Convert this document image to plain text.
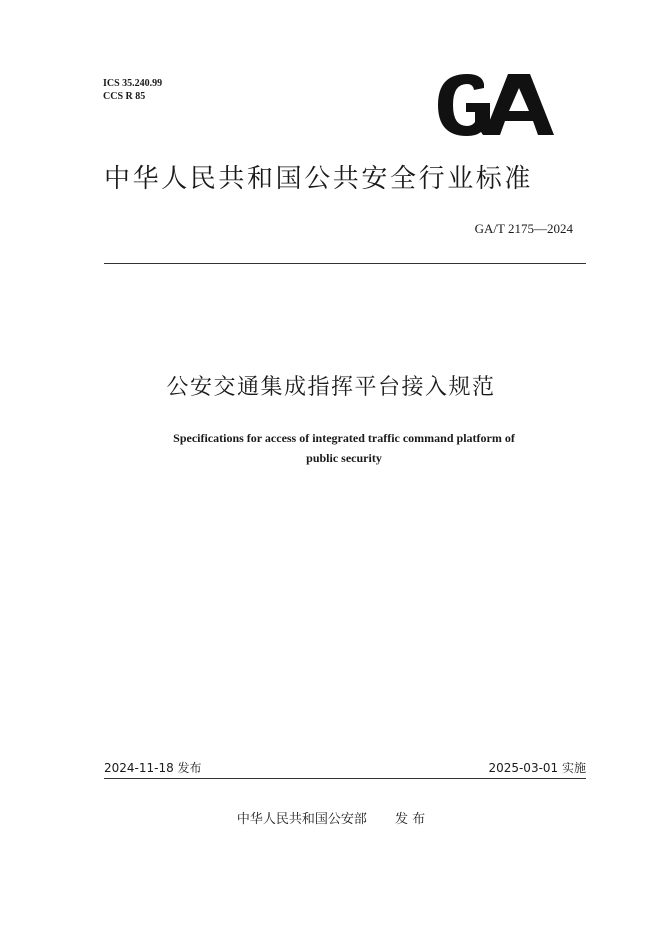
ICS 35.240.99
CCS R 85
中华人民共和国公共安全行业标准
GA/T 2175—2024
公安交通集成指挥平台接入规范
Specifications for access of integrated traffic command platform of
public security
2024-11-18 发布	2025-03-01 实施
中华人民共和国公安部 发 布
